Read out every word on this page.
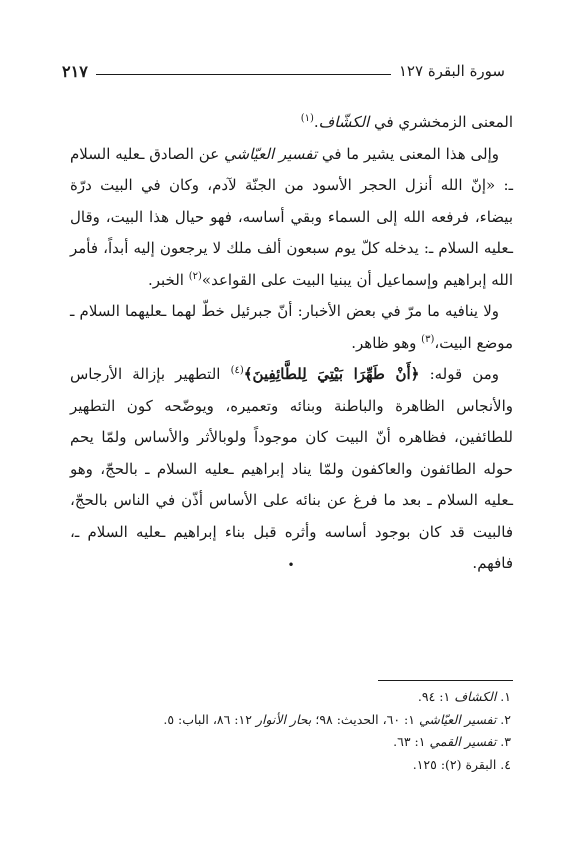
سورة البقرة ١٢٧
٢١٧

المعنى الزمخشري في الكشّاف.$^{(١)}$

وإلى هذا المعنى يشير ما في تفسير العيّاشي عن الصادق ـعليه السلام ـ: «إنّ الله أنزل الحجر الأسود من الجنّة لآدم، وكان في البيت درّة بيضاء، فرفعه الله إلى السماء وبقي أساسه، فهو حيال هذا البيت، وقال ـعليه السلام ـ: يدخله كلّ يوم سبعون ألف ملك لا يرجعون إليه أبداً، فأمر الله إبراهيم وإسماعيل أن يبنيا البيت على القواعد»$^{(٢)}$ الخبر.

ولا ينافيه ما مرّ في بعض الأخبار: أنّ جبرئيل خطّ لهما ـعليهما السلام ـ موضع البيت،$^{(٣)}$ وهو ظاهر.

ومن قوله: ﴿أَنْ طَهِّرَا بَيْتِيَ لِلطَّائِفِينَ﴾$^{(٤)}$ التطهير بإزالة الأرجاس والأنجاس الظاهرة والباطنة وبنائه وتعميره، ويوضّحه كون التطهير للطائفين، فظاهره أنّ البيت كان موجوداً ولوبالأثر والأساس ولمّا يحم حوله الطائفون والعاكفون ولمّا يناد إبراهيم ـعليه السلام ـ بالحجّ، وهو ـعليه السلام ـ بعد ما فرغ عن بنائه على الأساس أذّن في الناس بالحجّ، فالبيت قد كان بوجود أساسه وأثره قبل بناء إبراهيم ـعليه السلام ـ، فافهم.

•
١. الكشاف ١: ٩٤.
٢. تفسير العيّاشي ١: ٦٠، الحديث: ٩٨؛ بحار الأنوار ١٢: ٨٦، الباب: ٥.
٣. تفسير القمي ١: ٦٣.
٤. البقرة (٢): ١٢٥.
